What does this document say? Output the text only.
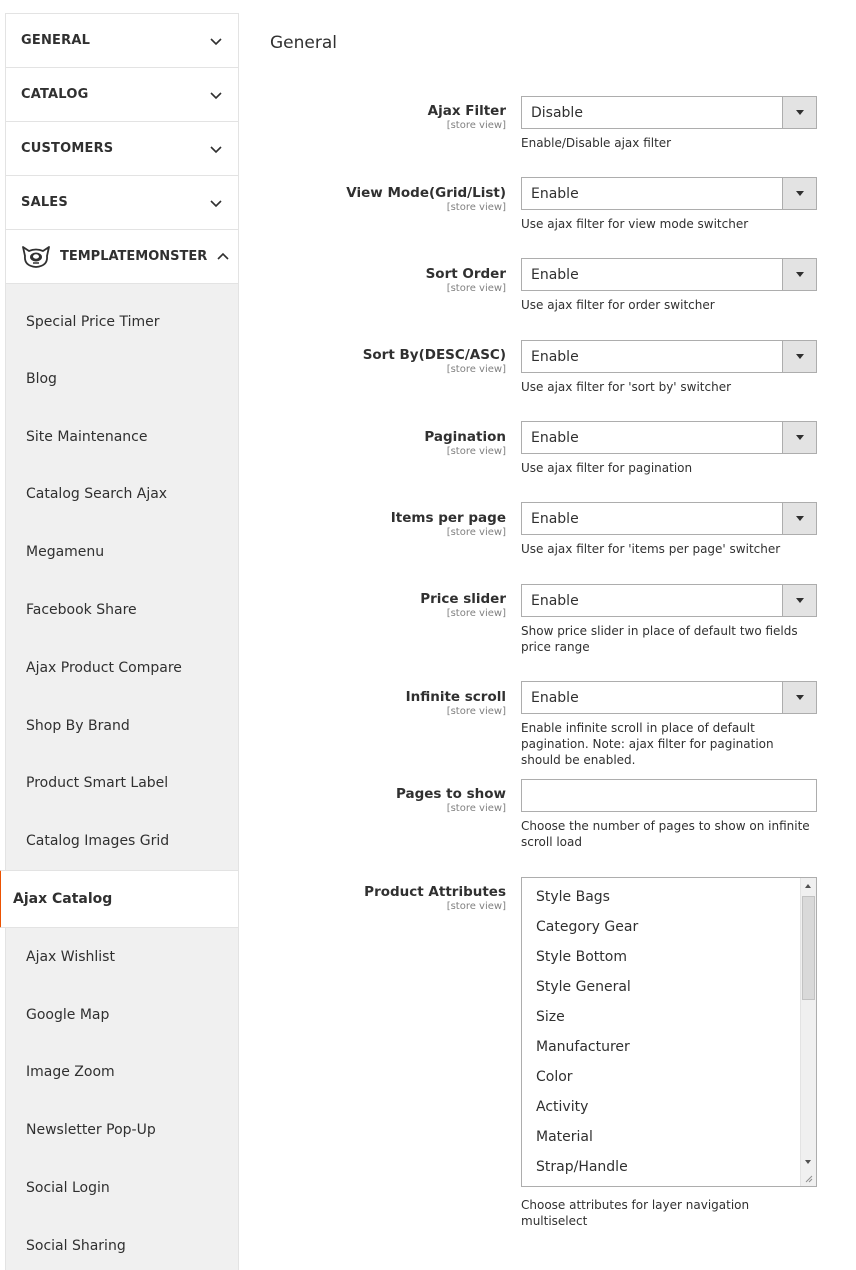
GENERAL
CATALOG
CUSTOMERS
SALES
TEMPLATEMONSTER
Special Price Timer
Blog
Site Maintenance
Catalog Search Ajax
Megamenu
Facebook Share
Ajax Product Compare
Shop By Brand
Product Smart Label
Catalog Images Grid
Ajax Catalog
Ajax Wishlist
Google Map
Image Zoom
Newsletter Pop-Up
Social Login
Social Sharing
General
Ajax Filter
[store view]
Disable
Enable/Disable ajax filter
View Mode(Grid/List)
[store view]
Enable
Use ajax filter for view mode switcher
Sort Order
[store view]
Enable
Use ajax filter for order switcher
Sort By(DESC/ASC)
[store view]
Enable
Use ajax filter for 'sort by' switcher
Pagination
[store view]
Enable
Use ajax filter for pagination
Items per page
[store view]
Enable
Use ajax filter for 'items per page' switcher
Price slider
[store view]
Enable
Show price slider in place of default two fields price range
Infinite scroll
[store view]
Enable
Enable infinite scroll in place of default pagination. Note: ajax filter for pagination should be enabled.
Pages to show
[store view]
Choose the number of pages to show on infinite scroll load
Product Attributes
[store view]
Style Bags
Category Gear
Style Bottom
Style General
Size
Manufacturer
Color
Activity
Material
Strap/Handle
Choose attributes for layer navigation multiselect
